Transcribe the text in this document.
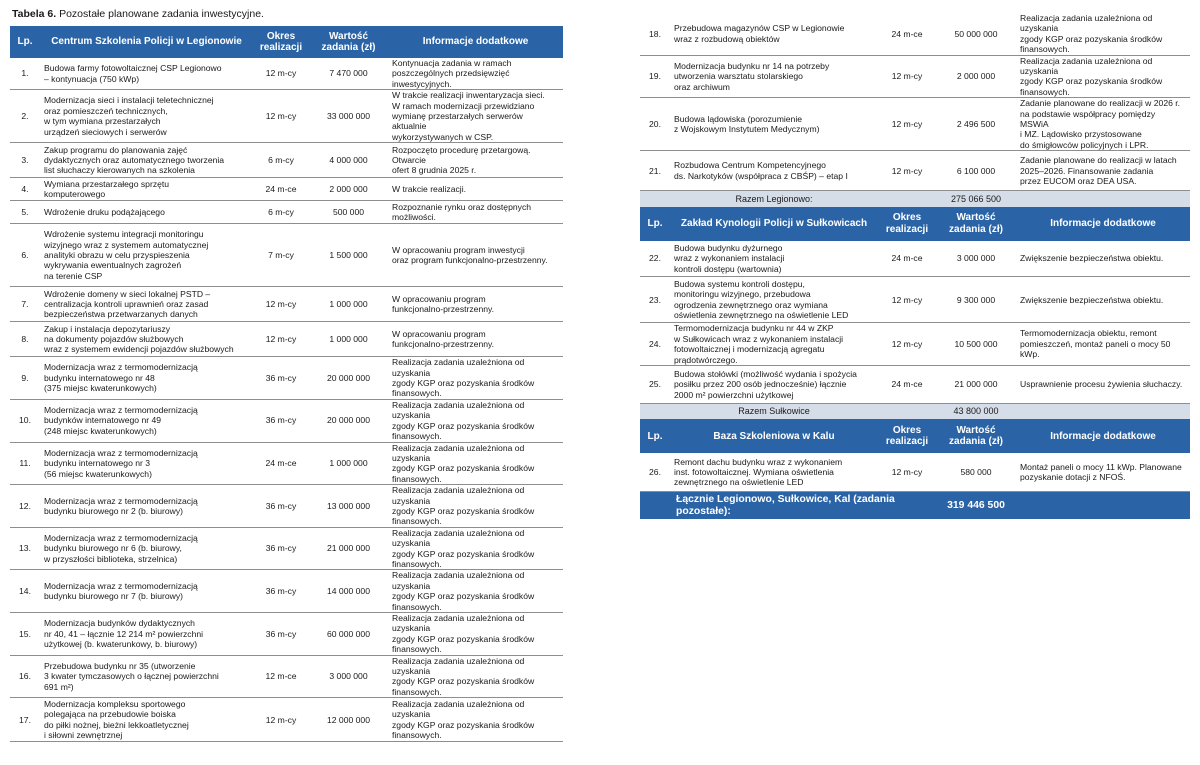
Tabela 6. Pozostałe planowane zadania inwestycyjne.
Lp.	Centrum Szkolenia Policji w Legionowie	Okres realizacji	Wartość zadania (zł)	Informacje dodatkowe
1.	Budowa farmy fotowoltaicznej CSP Legionowo
– kontynuacja (750 kWp)	12 m-cy	7 470 000	Kontynuacja zadania w ramach
poszczególnych przedsięwzięć inwestycyjnych.
2.	Modernizacja sieci i instalacji teletechnicznej
oraz pomieszczeń technicznych,
w tym wymiana przestarzałych
urządzeń sieciowych i serwerów	12 m-cy	33 000 000	W trakcie realizacji inwentaryzacja sieci.
W ramach modernizacji przewidziano
wymianę przestarzałych serwerów aktualnie
wykorzystywanych w CSP.
3.	Zakup programu do planowania zajęć
dydaktycznych oraz automatycznego tworzenia
list słuchaczy kierowanych na szkolenia	6 m-cy	4 000 000	Rozpoczęto procedurę przetargową. Otwarcie
ofert 8 grudnia 2025 r.
4.	Wymiana przestarzałego sprzętu
komputerowego	24 m-ce	2 000 000	W trakcie realizacji.
5.	Wdrożenie druku podążającego	6 m-cy	500 000	Rozpoznanie rynku oraz dostępnych
możliwości.
6.	Wdrożenie systemu integracji monitoringu
wizyjnego wraz z systemem automatycznej
analityki obrazu w celu przyspieszenia
wykrywania ewentualnych zagrożeń
na terenie CSP	7 m-cy	1 500 000	W opracowaniu program inwestycji
oraz program funkcjonalno-przestrzenny.
7.	Wdrożenie domeny w sieci lokalnej PSTD –
centralizacja kontroli uprawnień oraz zasad
bezpieczeństwa przetwarzanych danych	12 m-cy	1 000 000	W opracowaniu program
funkcjonalno-przestrzenny.
8.	Zakup i instalacja depozytariuszy
na dokumenty pojazdów służbowych
wraz z systemem ewidencji pojazdów służbowych	12 m-cy	1 000 000	W opracowaniu program
funkcjonalno-przestrzenny.
9.	Modernizacja wraz z termomodernizacją
budynku internatowego nr 48
(375 miejsc kwaterunkowych)	36 m-cy	20 000 000	Realizacja zadania uzależniona od uzyskania
zgody KGP oraz pozyskania środków
finansowych.
10.	Modernizacja wraz z termomodernizacją
budynków internatowego nr 49
(248 miejsc kwaterunkowych)	36 m-cy	20 000 000	Realizacja zadania uzależniona od uzyskania
zgody KGP oraz pozyskania środków
finansowych.
11.	Modernizacja wraz z termomodernizacją
budynku internatowego nr 3
(56 miejsc kwaterunkowych)	24 m-ce	1 000 000	Realizacja zadania uzależniona od uzyskania
zgody KGP oraz pozyskania środków
finansowych.
12.	Modernizacja wraz z termomodernizacją
budynku biurowego nr 2 (b. biurowy)	36 m-cy	13 000 000	Realizacja zadania uzależniona od uzyskania
zgody KGP oraz pozyskania środków
finansowych.
13.	Modernizacja wraz z termomodernizacją
budynku biurowego nr 6 (b. biurowy,
w przyszłości biblioteka, strzelnica)	36 m-cy	21 000 000	Realizacja zadania uzależniona od uzyskania
zgody KGP oraz pozyskania środków
finansowych.
14.	Modernizacja wraz z termomodernizacją
budynku biurowego nr 7 (b. biurowy)	36 m-cy	14 000 000	Realizacja zadania uzależniona od uzyskania
zgody KGP oraz pozyskania środków
finansowych.
15.	Modernizacja budynków dydaktycznych
nr 40, 41 – łącznie 12 214 m² powierzchni
użytkowej (b. kwaterunkowy, b. biurowy)	36 m-cy	60 000 000	Realizacja zadania uzależniona od uzyskania
zgody KGP oraz pozyskania środków
finansowych.
16.	Przebudowa budynku nr 35 (utworzenie
3 kwater tymczasowych o łącznej powierzchni
691 m²)	12 m-ce	3 000 000	Realizacja zadania uzależniona od uzyskania
zgody KGP oraz pozyskania środków
finansowych.
17.	Modernizacja kompleksu sportowego
polegająca na przebudowie boiska
do piłki nożnej, bieżni lekkoatletycznej
i siłowni zewnętrznej	12 m-cy	12 000 000	Realizacja zadania uzależniona od uzyskania
zgody KGP oraz pozyskania środków
finansowych.
18.	Przebudowa magazynów CSP w Legionowie
wraz z rozbudową obiektów	24 m-ce	50 000 000	Realizacja zadania uzależniona od uzyskania
zgody KGP oraz pozyskania środków
finansowych.
19.	Modernizacja budynku nr 14 na potrzeby
utworzenia warsztatu stolarskiego
oraz archiwum	12 m-cy	2 000 000	Realizacja zadania uzależniona od uzyskania
zgody KGP oraz pozyskania środków
finansowych.
20.	Budowa lądowiska (porozumienie
z Wojskowym Instytutem Medycznym)	12 m-cy	2 496 500	Zadanie planowane do realizacji w 2026 r.
na podstawie współpracy pomiędzy MSWiA
i MZ. Lądowisko przystosowane
do śmigłowców policyjnych i LPR.
21.	Rozbudowa Centrum Kompetencyjnego
ds. Narkotyków (współpraca z CBŚP) – etap I	12 m-cy	6 100 000	Zadanie planowane do realizacji w latach
2025–2026. Finansowanie zadania
przez EUCOM oraz DEA USA.
	Razem Legionowo:		275 066 500	
Lp.	Zakład Kynologii Policji w Sułkowicach	Okres realizacji	Wartość zadania (zł)	Informacje dodatkowe
22.	Budowa budynku dyżurnego
wraz z wykonaniem instalacji
kontroli dostępu (wartownia)	24 m-ce	3 000 000	Zwiększenie bezpieczeństwa obiektu.
23.	Budowa systemu kontroli dostępu,
monitoringu wizyjnego, przebudowa
ogrodzenia zewnętrznego oraz wymiana
oświetlenia zewnętrznego na oświetlenie LED	12 m-cy	9 300 000	Zwiększenie bezpieczeństwa obiektu.
24.	Termomodernizacja budynku nr 44 w ZKP
w Sułkowicach wraz z wykonaniem instalacji
fotowoltaicznej i modernizacją agregatu
prądotwórczego.	12 m-cy	10 500 000	Termomodernizacja obiektu, remont
pomieszczeń, montaż paneli o mocy 50 kWp.
25.	Budowa stołówki (możliwość wydania i spożycia
posiłku przez 200 osób jednocześnie) łącznie
2000 m² powierzchni użytkowej	24 m-ce	21 000 000	Usprawnienie procesu żywienia słuchaczy.
	Razem Sułkowice		43 800 000	
Lp.	Baza Szkoleniowa w Kalu	Okres realizacji	Wartość zadania (zł)	Informacje dodatkowe
26.	Remont dachu budynku wraz z wykonaniem
inst. fotowoltaicznej. Wymiana oświetlenia
zewnętrznego na oświetlenie LED	12 m-cy	580 000	Montaż paneli o mocy 11 kWp. Planowane
pozyskanie dotacji z NFOŚ.
Łącznie Legionowo, Sułkowice, Kal (zadania pozostałe):			319 446 500	
